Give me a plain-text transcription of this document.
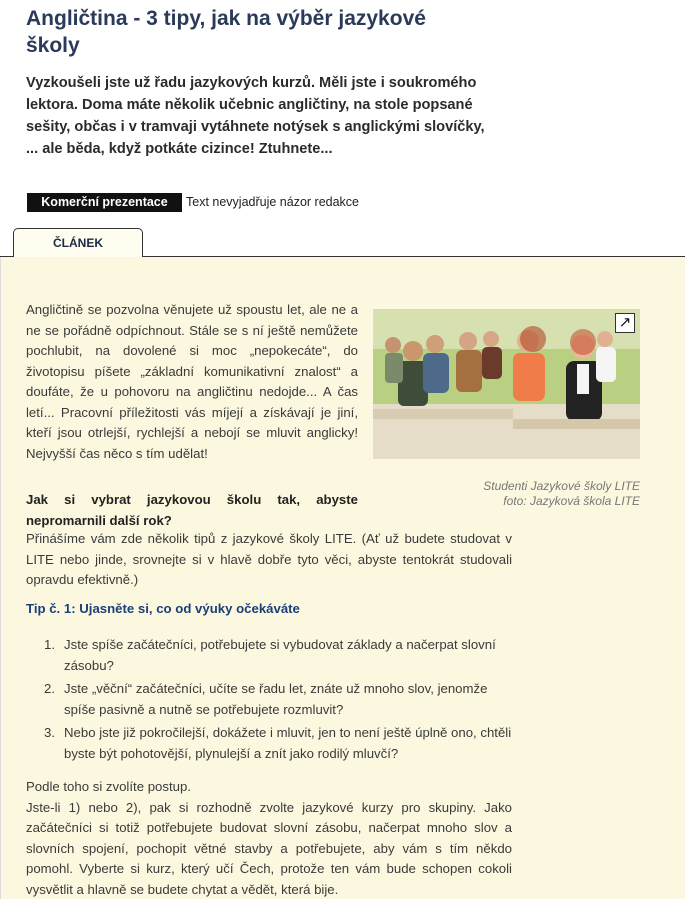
Angličtina - 3 tipy, jak na výběr jazykové školy

Vyzkoušeli jste už řadu jazykových kurzů. Měli jste i soukromého lektora. Doma máte několik učebnic angličtiny, na stole popsané sešity, občas i v tramvaji vytáhnete notýsek s anglickými slovíčky, ... ale běda, když potkáte cizince! Ztuhnete...

Komerční prezentace	Text nevyjadřuje názor redakce
ČLÁNEK

Angličtině se pozvolna věnujete už spoustu let, ale ne a ne se pořádně odpíchnout. Stále se s ní ještě nemůžete pochlubit, na dovolené si moc „nepokecáte“, do životopisu píšete „základní komunikativní znalost“ a doufáte, že u pohovoru na angličtinu nedojde... A čas letí... Pracovní příležitosti vás míjejí a získávají je jiní, kteří jsou otrlejší, rychlejší a nebojí se mluvit anglicky! Nejvyšší čas něco s tím udělat!

↗

Studenti Jazykové školy LITE
foto: Jazyková škola LITE

Jak si vybrat jazykovou školu tak, abyste nepromarnili další rok?

Přinášíme vám zde několik tipů z jazykové školy LITE. (Ať už budete studovat v LITE nebo jinde, srovnejte si v hlavě dobře tyto věci, abyste tentokrát studovali opravdu efektivně.)

Tip č. 1: Ujasněte si, co od výuky očekáváte

1. Jste spíše začátečníci, potřebujete si vybudovat základy a načerpat slovní zásobu?
2. Jste „věční“ začátečníci, učíte se řadu let, znáte už mnoho slov, jenomže spíše pasivně a nutně se potřebujete rozmluvit?
3. Nebo jste již pokročilejší, dokážete i mluvit, jen to není ještě úplně ono, chtěli byste být pohotovější, plynulejší a znít jako rodilý mluvčí?

Podle toho si zvolíte postup.
Jste-li 1) nebo 2), pak si rozhodně zvolte jazykové kurzy pro skupiny. Jako začátečníci si totiž potřebujete budovat slovní zásobu, načerpat mnoho slov a slovních spojení, pochopit větné stavby a potřebujete, aby vám s tím někdo pomohl. Vyberte si kurz, který učí Čech, protože ten vám bude schopen cokoli vysvětlit a hlavně se budete chytat a vědět, která bije.
